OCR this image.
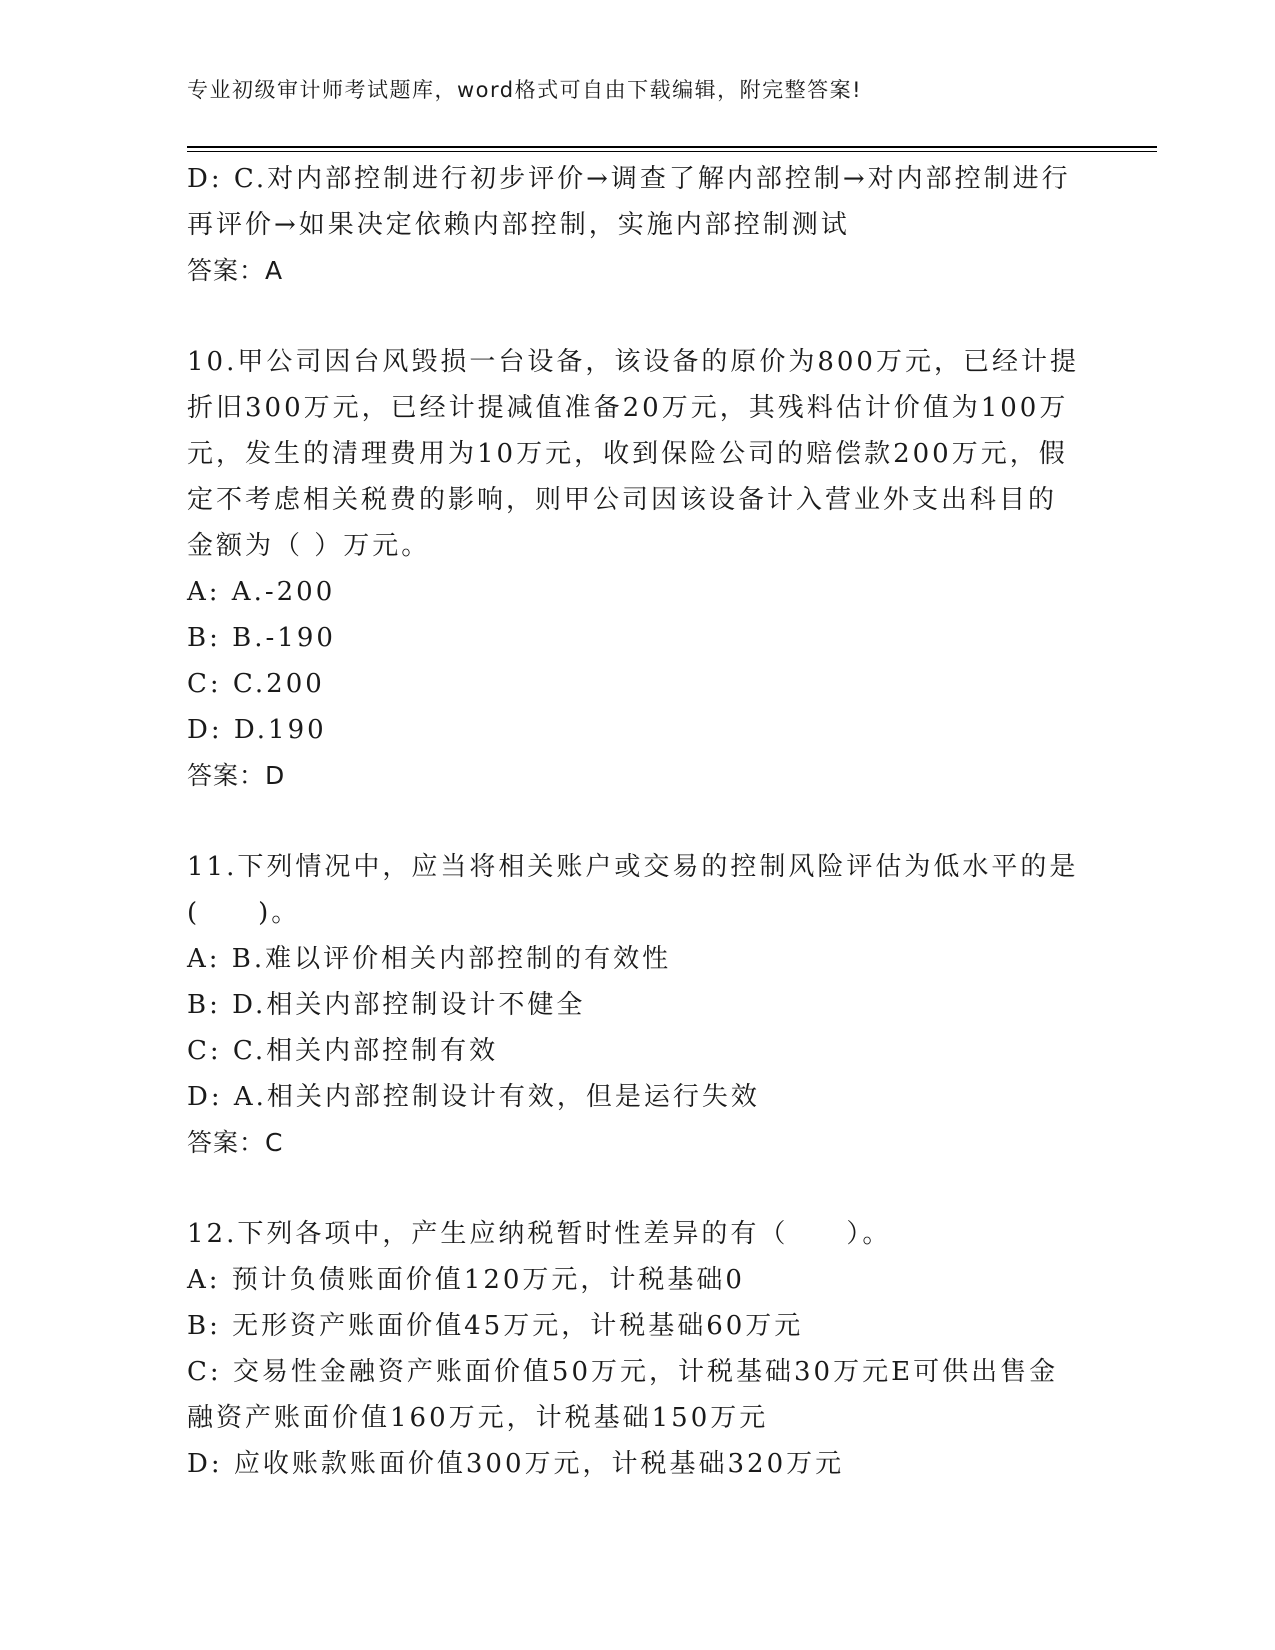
专业初级审计师考试题库，word格式可自由下载编辑，附完整答案!
D: C.对内部控制进行初步评价→调查了解内部控制→对内部控制进行
再评价→如果决定依赖内部控制，实施内部控制测试
答案：A
10.甲公司因台风毁损一台设备，该设备的原价为800万元，已经计提
折旧300万元，已经计提减值准备20万元，其残料估计价值为100万
元，发生的清理费用为10万元，收到保险公司的赔偿款200万元，假
定不考虑相关税费的影响，则甲公司因该设备计入营业外支出科目的
金额为（ ）万元。
A: A.-200
B: B.-190
C: C.200
D: D.190
答案：D
11.下列情况中，应当将相关账户或交易的控制风险评估为低水平的是
(　　)。
A: B.难以评价相关内部控制的有效性
B: D.相关内部控制设计不健全
C: C.相关内部控制有效
D: A.相关内部控制设计有效，但是运行失效
答案：C
12.下列各项中，产生应纳税暂时性差异的有（　　）。
A: 预计负债账面价值120万元，计税基础0
B: 无形资产账面价值45万元，计税基础60万元
C: 交易性金融资产账面价值50万元，计税基础30万元E可供出售金
融资产账面价值160万元，计税基础150万元
D: 应收账款账面价值300万元，计税基础320万元
